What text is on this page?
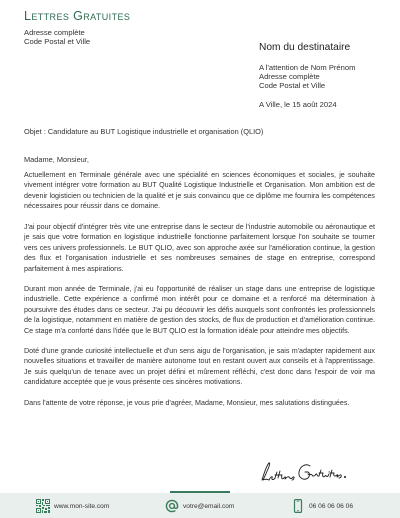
Lettres Gratuites
Adresse complète
Code Postal et Ville
Nom du destinataire
A l'attention de Nom Prénom
Adresse complète
Code Postal et Ville
A Ville, le 15 août 2024
Objet : Candidature au BUT Logistique industrielle et organisation (QLIO)
Madame, Monsieur,

Actuellement en Terminale générale avec une spécialité en sciences économiques et sociales, je souhaite vivement intégrer votre formation au BUT Qualité Logistique Industrielle et Organisation. Mon ambition est de devenir logisticien ou technicien de la qualité et je suis convaincu que ce diplôme me fournira les compétences nécessaires pour réussir dans ce domaine.

J'ai pour objectif d'intégrer très vite une entreprise dans le secteur de l'industrie automobile ou aéronautique et je sais que votre formation en logistique industrielle fonctionne parfaitement lorsque l'on souhaite se tourner vers ces univers professionnels. Le BUT QLIO, avec son approche axée sur l'amélioration continue, la gestion des flux et l'organisation industrielle et ses nombreuses semaines de stage en entreprise, correspond parfaitement à mes aspirations.

Durant mon année de Terminale, j'ai eu l'opportunité de réaliser un stage dans une entreprise de logistique industrielle. Cette expérience a confirmé mon intérêt pour ce domaine et a renforcé ma détermination à poursuivre des études dans ce secteur. J'ai pu découvrir les défis auxquels sont confrontés les professionnels de la logistique, notamment en matière de gestion des stocks, de flux de production et d'amélioration continue. Ce stage m'a conforté dans l'idée que le BUT QLIO est la formation idéale pour atteindre mes objectifs.

Doté d'une grande curiosité intellectuelle et d'un sens aigu de l'organisation, je sais m'adapter rapidement aux nouvelles situations et travailler de manière autonome tout en restant ouvert aux conseils et à l'apprentissage. Je suis quelqu'un de tenace avec un projet défini et mûrement réfléchi, c'est donc dans l'espoir de voir ma candidature acceptée que je vous présente ces sincères motivations.

Dans l'attente de votre réponse, je vous prie d'agréer, Madame, Monsieur, mes salutations distinguées.

www.mon-site.com	votre@email.com	06 06 06 06 06
